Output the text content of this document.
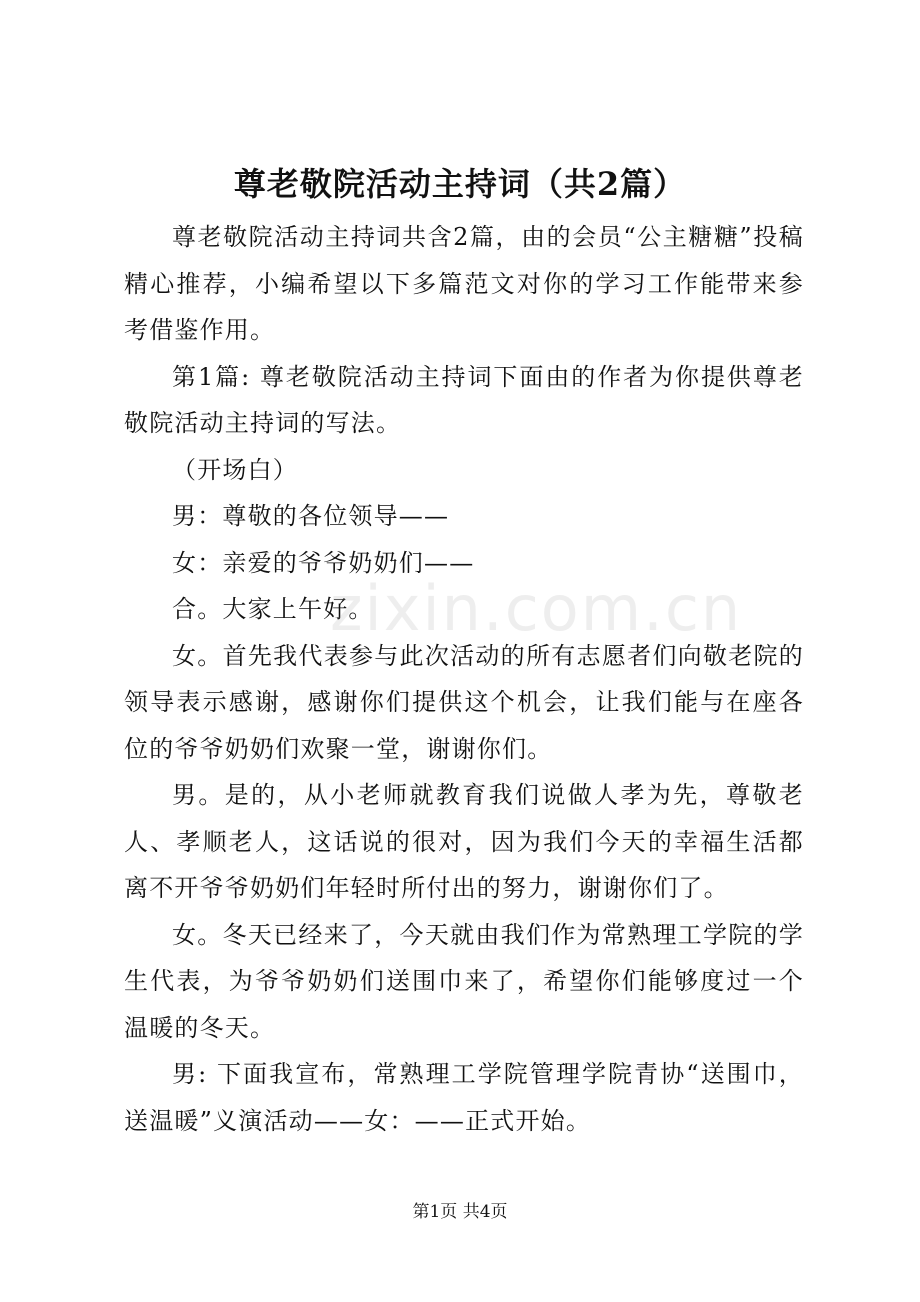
尊老敬院活动主持词（共2篇）

尊老敬院活动主持词共含2篇，由的会员“公主糖糖”投稿精心推荐，小编希望以下多篇范文对你的学习工作能带来参考借鉴作用。

第1篇: 尊老敬院活动主持词下面由的作者为你提供尊老敬院活动主持词的写法。

（开场白）

男：尊敬的各位领导——

女：亲爱的爷爷奶奶们——

合。大家上午好。

女。首先我代表参与此次活动的所有志愿者们向敬老院的领导表示感谢，感谢你们提供这个机会，让我们能与在座各位的爷爷奶奶们欢聚一堂，谢谢你们。

男。是的，从小老师就教育我们说做人孝为先，尊敬老人、孝顺老人，这话说的很对，因为我们今天的幸福生活都离不开爷爷奶奶们年轻时所付出的努力，谢谢你们了。

女。冬天已经来了，今天就由我们作为常熟理工学院的学生代表，为爷爷奶奶们送围巾来了，希望你们能够度过一个温暖的冬天。

男: 下面我宣布，常熟理工学院管理学院青协“送围巾，送温暖”义演活动——女：——正式开始。

zixin.com.cn
第1页 共4页
